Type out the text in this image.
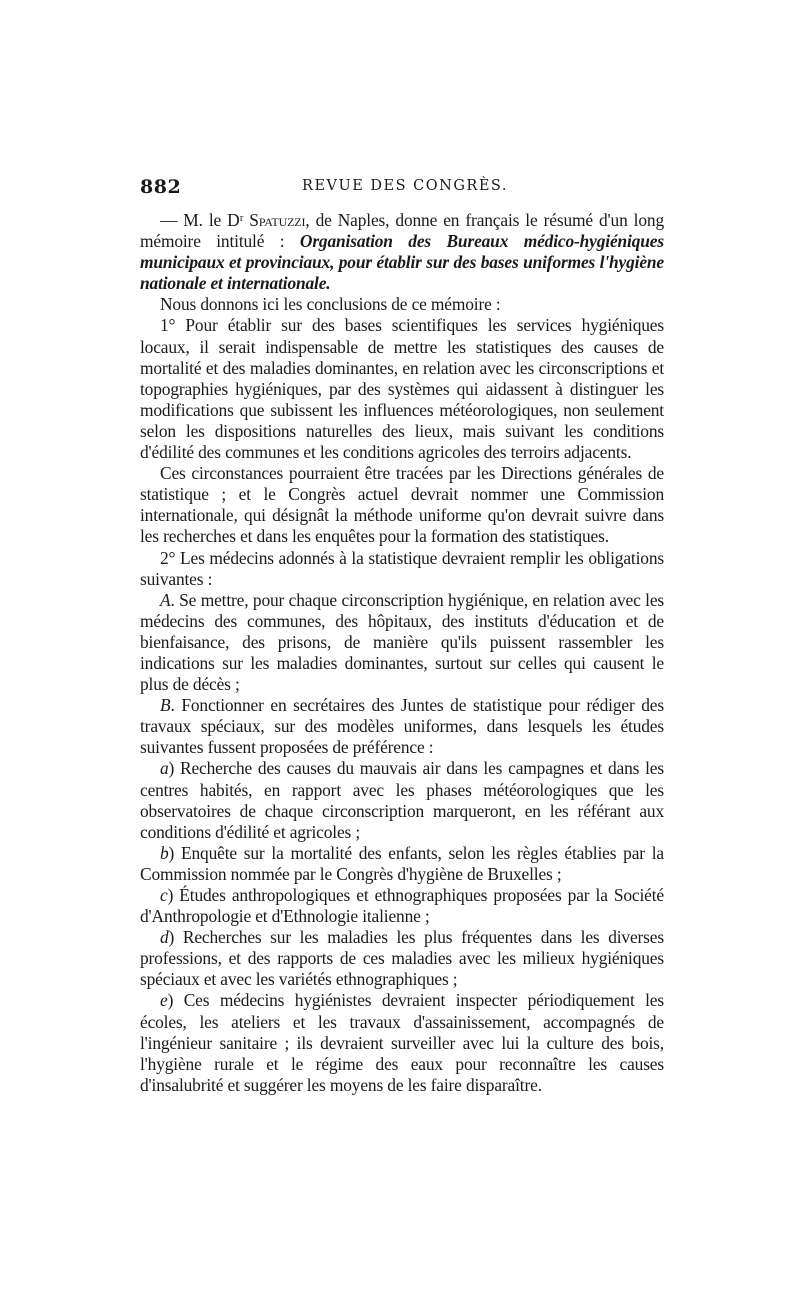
882	REVUE DES CONGRÈS.

— M. le Dʳ Spatuzzi, de Naples, donne en français le résumé d'un long mémoire intitulé : Organisation des Bureaux médico-hygiéniques municipaux et provinciaux, pour établir sur des bases uniformes l'hygiène nationale et internationale.

Nous donnons ici les conclusions de ce mémoire :

1° Pour établir sur des bases scientifiques les services hygiéniques locaux, il serait indispensable de mettre les statistiques des causes de mortalité et des maladies dominantes, en relation avec les circonscriptions et topographies hygiéniques, par des systèmes qui aidassent à distinguer les modifications que subissent les influences météorologiques, non seulement selon les dispositions naturelles des lieux, mais suivant les conditions d'édilité des communes et les conditions agricoles des terroirs adjacents.

Ces circonstances pourraient être tracées par les Directions générales de statistique ; et le Congrès actuel devrait nommer une Commission internationale, qui désignât la méthode uniforme qu'on devrait suivre dans les recherches et dans les enquêtes pour la formation des statistiques.

2° Les médecins adonnés à la statistique devraient remplir les obligations suivantes :

A. Se mettre, pour chaque circonscription hygiénique, en relation avec les médecins des communes, des hôpitaux, des instituts d'éducation et de bienfaisance, des prisons, de manière qu'ils puissent rassembler les indications sur les maladies dominantes, surtout sur celles qui causent le plus de décès ;

B. Fonctionner en secrétaires des Juntes de statistique pour rédiger des travaux spéciaux, sur des modèles uniformes, dans lesquels les études suivantes fussent proposées de préférence :

a) Recherche des causes du mauvais air dans les campagnes et dans les centres habités, en rapport avec les phases météorologiques que les observatoires de chaque circonscription marqueront, en les référant aux conditions d'édilité et agricoles ;

b) Enquête sur la mortalité des enfants, selon les règles établies par la Commission nommée par le Congrès d'hygiène de Bruxelles ;

c) Études anthropologiques et ethnographiques proposées par la Société d'Anthropologie et d'Ethnologie italienne ;

d) Recherches sur les maladies les plus fréquentes dans les diverses professions, et des rapports de ces maladies avec les milieux hygiéniques spéciaux et avec les variétés ethnographiques ;

e) Ces médecins hygiénistes devraient inspecter périodiquement les écoles, les ateliers et les travaux d'assainissement, accompagnés de l'ingénieur sanitaire ; ils devraient surveiller avec lui la culture des bois, l'hygiène rurale et le régime des eaux pour reconnaître les causes d'insalubrité et suggérer les moyens de les faire disparaître.
